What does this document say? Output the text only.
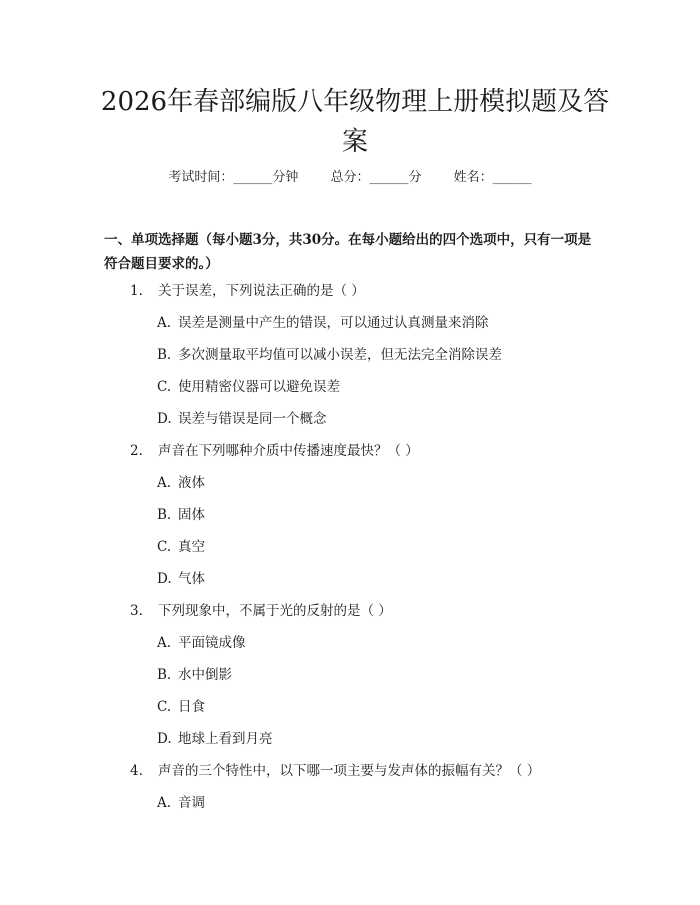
2026年春部编版八年级物理上册模拟题及答案
考试时间：______分钟 总分：______分 姓名：______
一、单项选择题（每小题3分，共30分。在每小题给出的四个选项中，只有一项是符合题目要求的。）
1. 关于误差，下列说法正确的是（ ）
A. 误差是测量中产生的错误，可以通过认真测量来消除
B. 多次测量取平均值可以减小误差，但无法完全消除误差
C. 使用精密仪器可以避免误差
D. 误差与错误是同一个概念
2. 声音在下列哪种介质中传播速度最快？（ ）
A. 液体
B. 固体
C. 真空
D. 气体
3. 下列现象中，不属于光的反射的是（ ）
A. 平面镜成像
B. 水中倒影
C. 日食
D. 地球上看到月亮
4. 声音的三个特性中，以下哪一项主要与发声体的振幅有关？（ ）
A. 音调
